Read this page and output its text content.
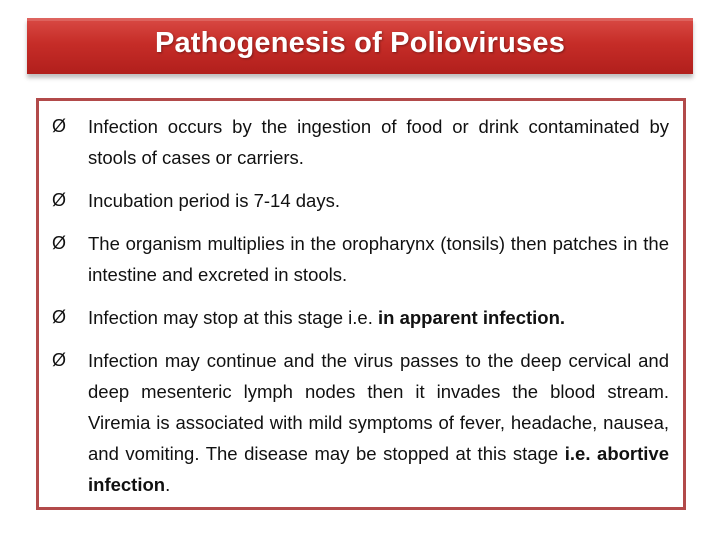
Pathogenesis of Polioviruses
Ø Infection occurs by the ingestion of food or drink contaminated by stools of cases or carriers.
Ø Incubation period is 7-14 days.
Ø The organism multiplies in the oropharynx (tonsils) then patches in the intestine and excreted in stools.
Ø Infection may stop at this stage i.e. in apparent infection.
Ø Infection may continue and the virus passes to the deep cervical and deep mesenteric lymph nodes then it invades the blood stream. Viremia is associated with mild symptoms of fever, headache, nausea, and vomiting. The disease may be stopped at this stage i.e. abortive infection.
